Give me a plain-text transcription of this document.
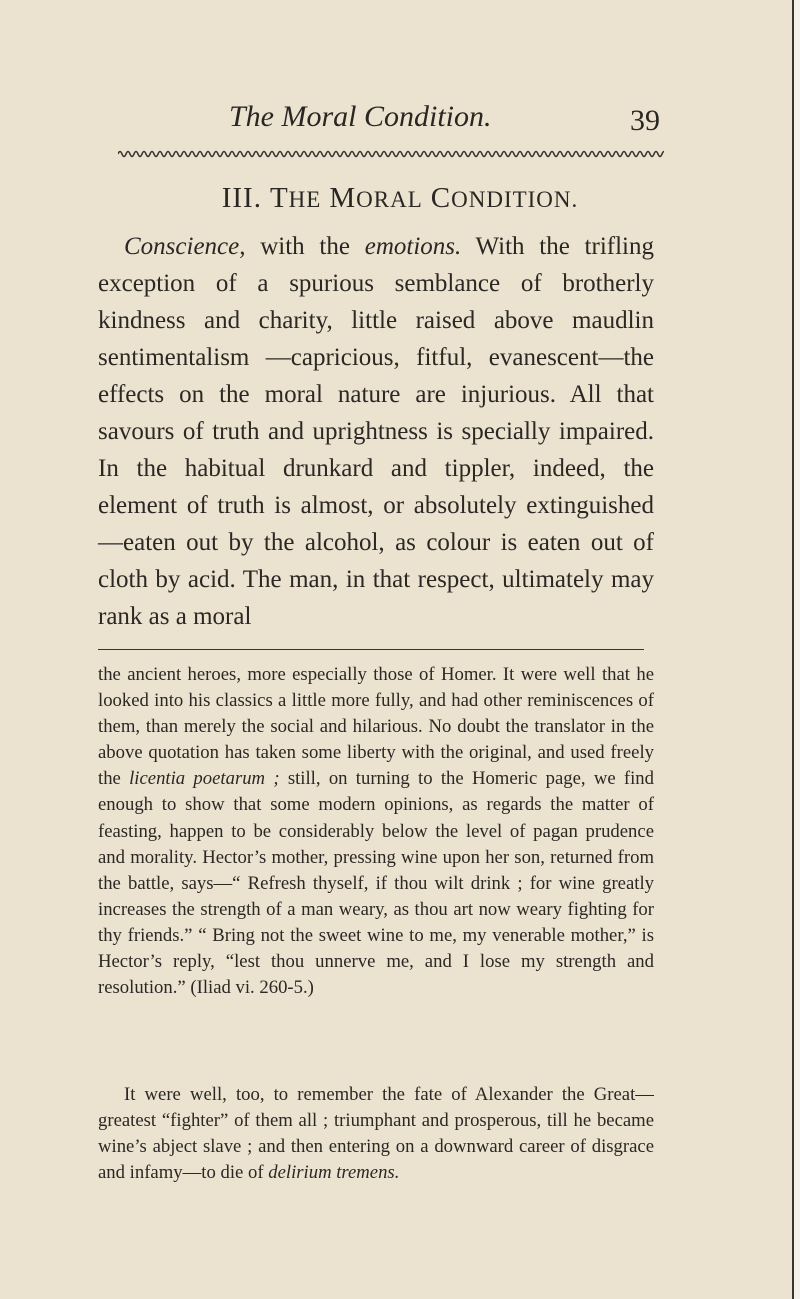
The Moral Condition.	39
III. THE MORAL CONDITION.

Conscience, with the emotions. With the trifling exception of a spurious semblance of brotherly kindness and charity, little raised above maudlin sentimentalism —capricious, fitful, evanescent—the effects on the moral nature are injurious. All that savours of truth and uprightness is specially impaired. In the habitual drunkard and tippler, indeed, the element of truth is almost, or absolutely extinguished—eaten out by the alcohol, as colour is eaten out of cloth by acid. The man, in that respect, ultimately may rank as a moral

the ancient heroes, more especially those of Homer. It were well that he looked into his classics a little more fully, and had other reminiscences of them, than merely the social and hilarious. No doubt the translator in the above quotation has taken some liberty with the original, and used freely the licentia poetarum ; still, on turning to the Homeric page, we find enough to show that some modern opinions, as regards the matter of feasting, happen to be considerably below the level of pagan prudence and morality. Hector’s mother, pressing wine upon her son, returned from the battle, says—“ Refresh thyself, if thou wilt drink ; for wine greatly increases the strength of a man weary, as thou art now weary fighting for thy friends.” “ Bring not the sweet wine to me, my venerable mother,” is Hector’s reply, “lest thou unnerve me, and I lose my strength and resolution.” (Iliad vi. 260-5.)

It were well, too, to remember the fate of Alexander the Great— greatest “fighter” of them all ; triumphant and prosperous, till he became wine’s abject slave ; and then entering on a downward career of disgrace and infamy—to die of delirium tremens.
